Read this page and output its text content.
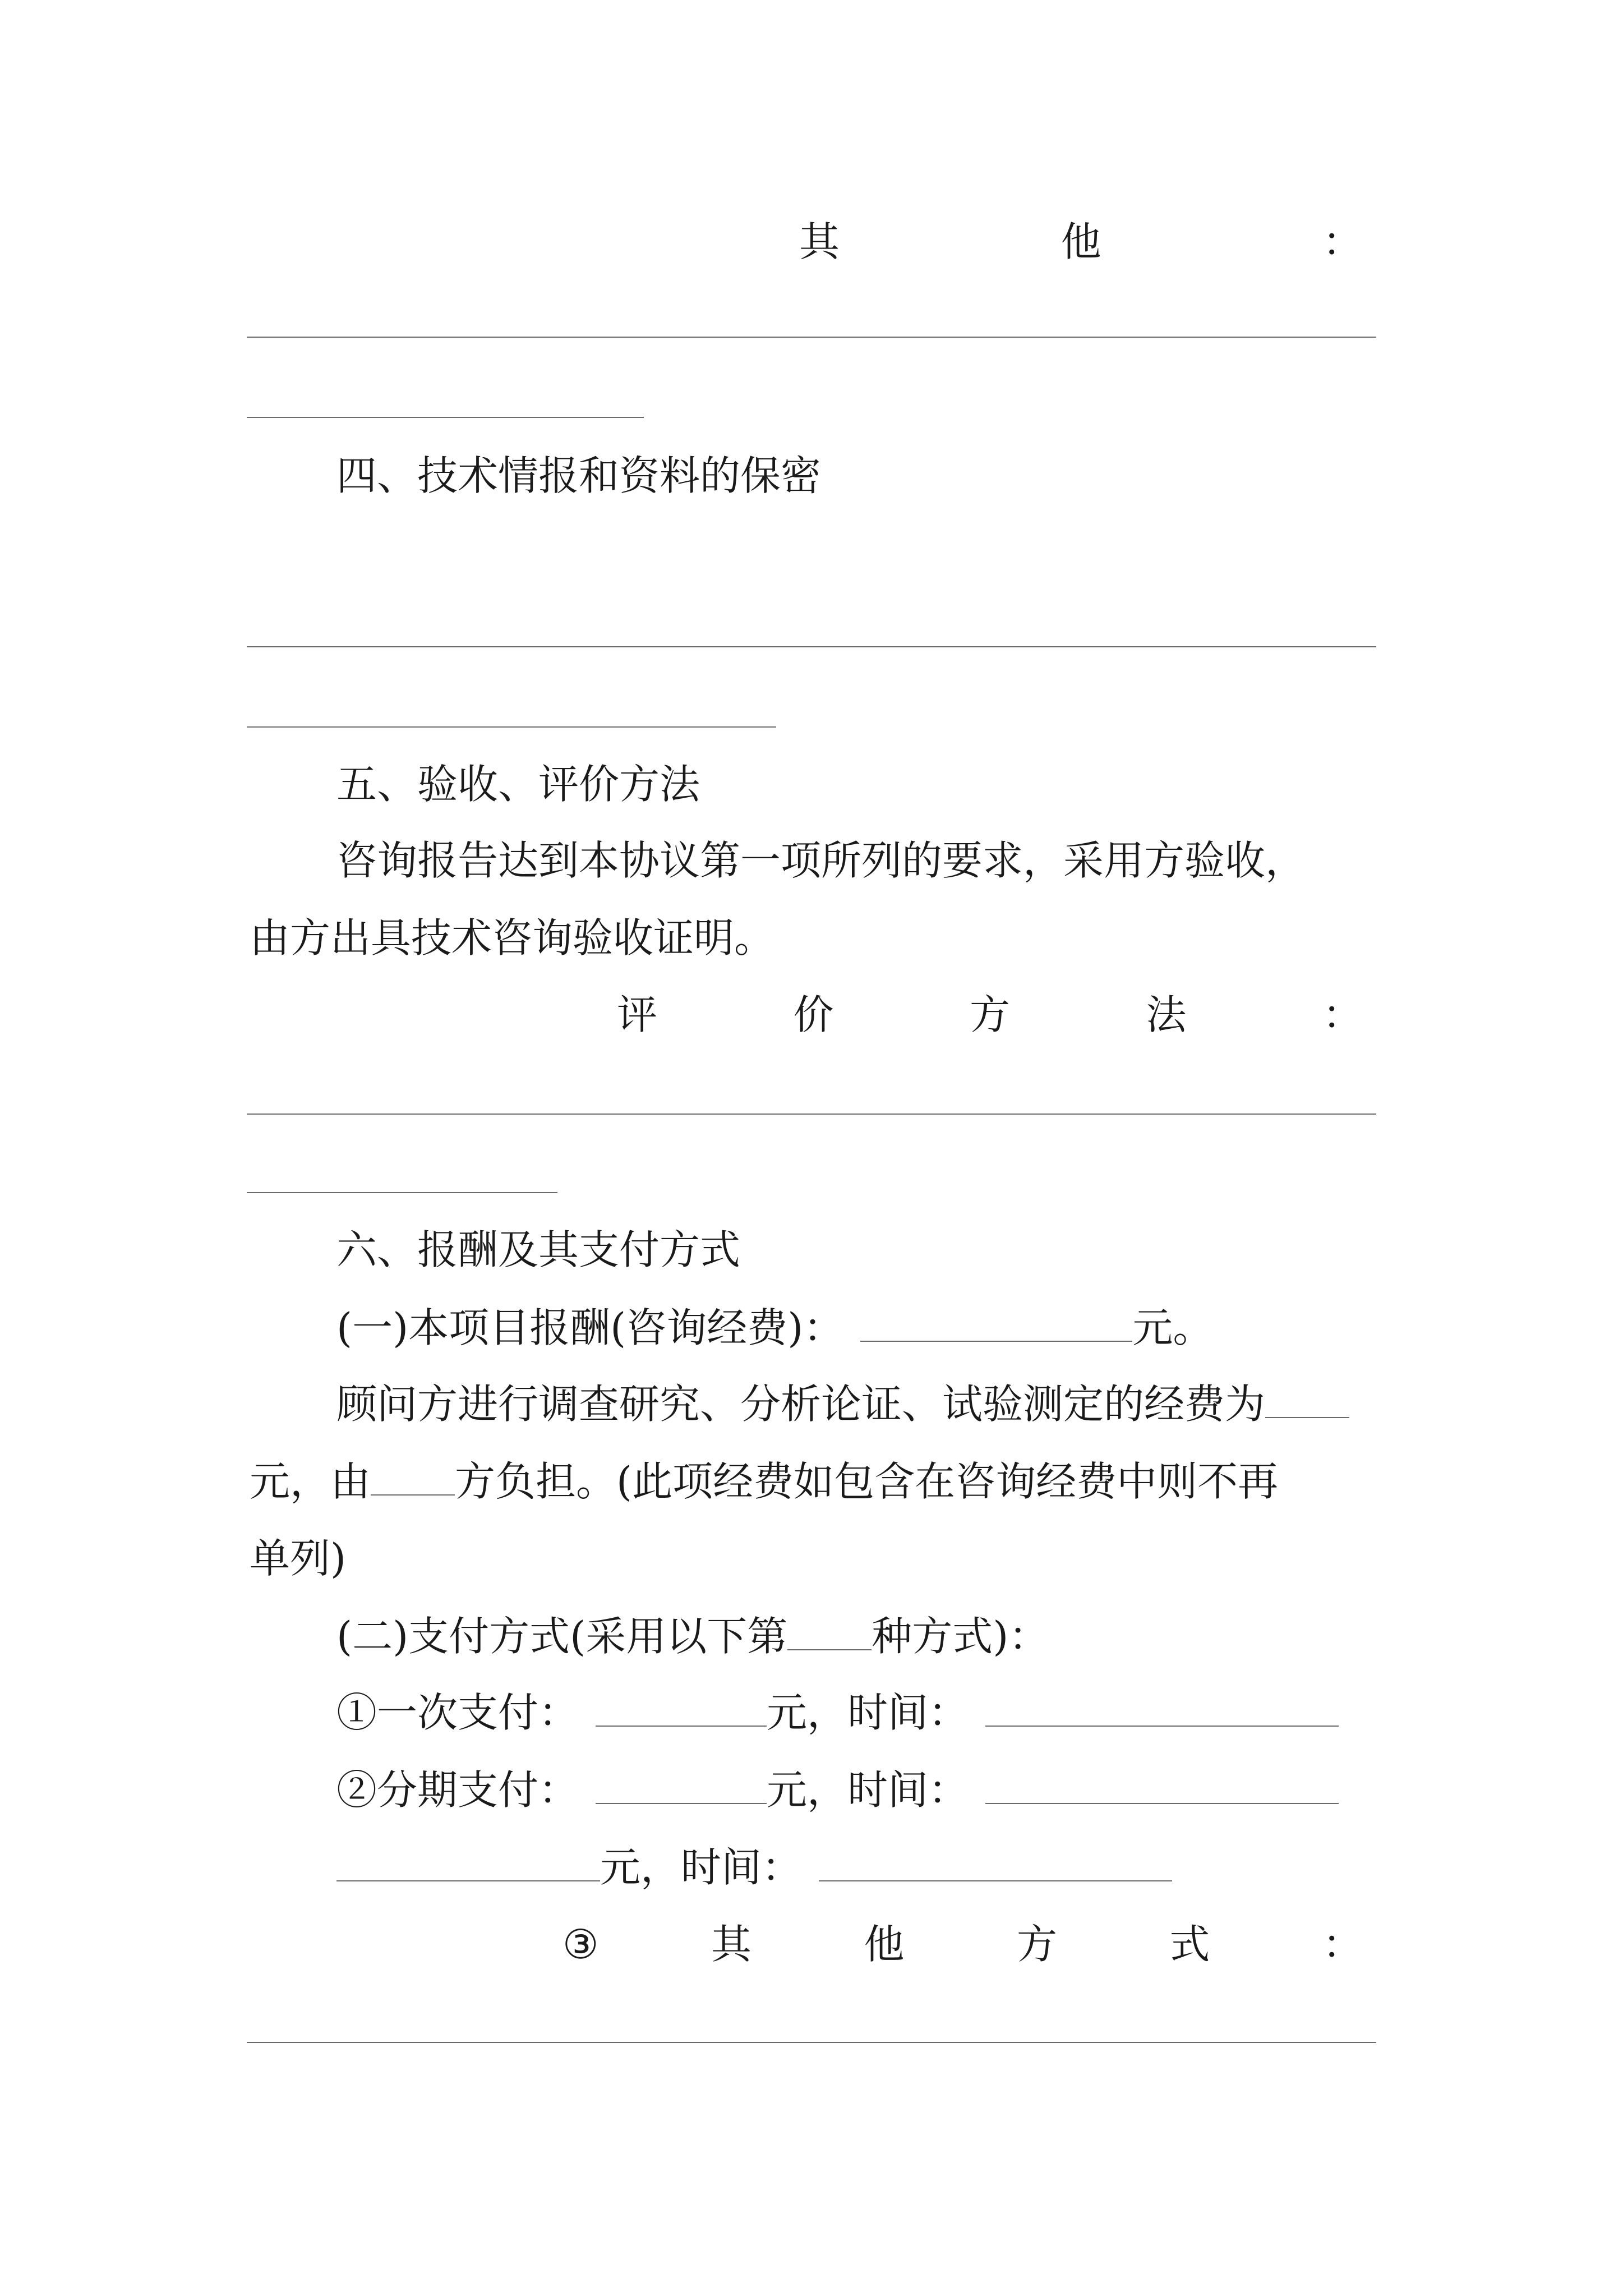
其	他	：
四、技术情报和资料的保密
五、验收、评价方法
咨询报告达到本协议第一项所列的要求，采用方验收，
由方出具技术咨询验收证明。
评	价	方	法	：
六、报酬及其支付方式
(一)本项目报酬(咨询经费)：	元。
顾问方进行调查研究、分析论证、试验测定的经费为
元，由 方负担。(此项经费如包含在咨询经费中则不再
单列)
(二)支付方式(采用以下第 种方式)：
①一次支付：	元，时间：
②分期支付：	元，时间：
元，时间：
③	其	他	方	式	：
